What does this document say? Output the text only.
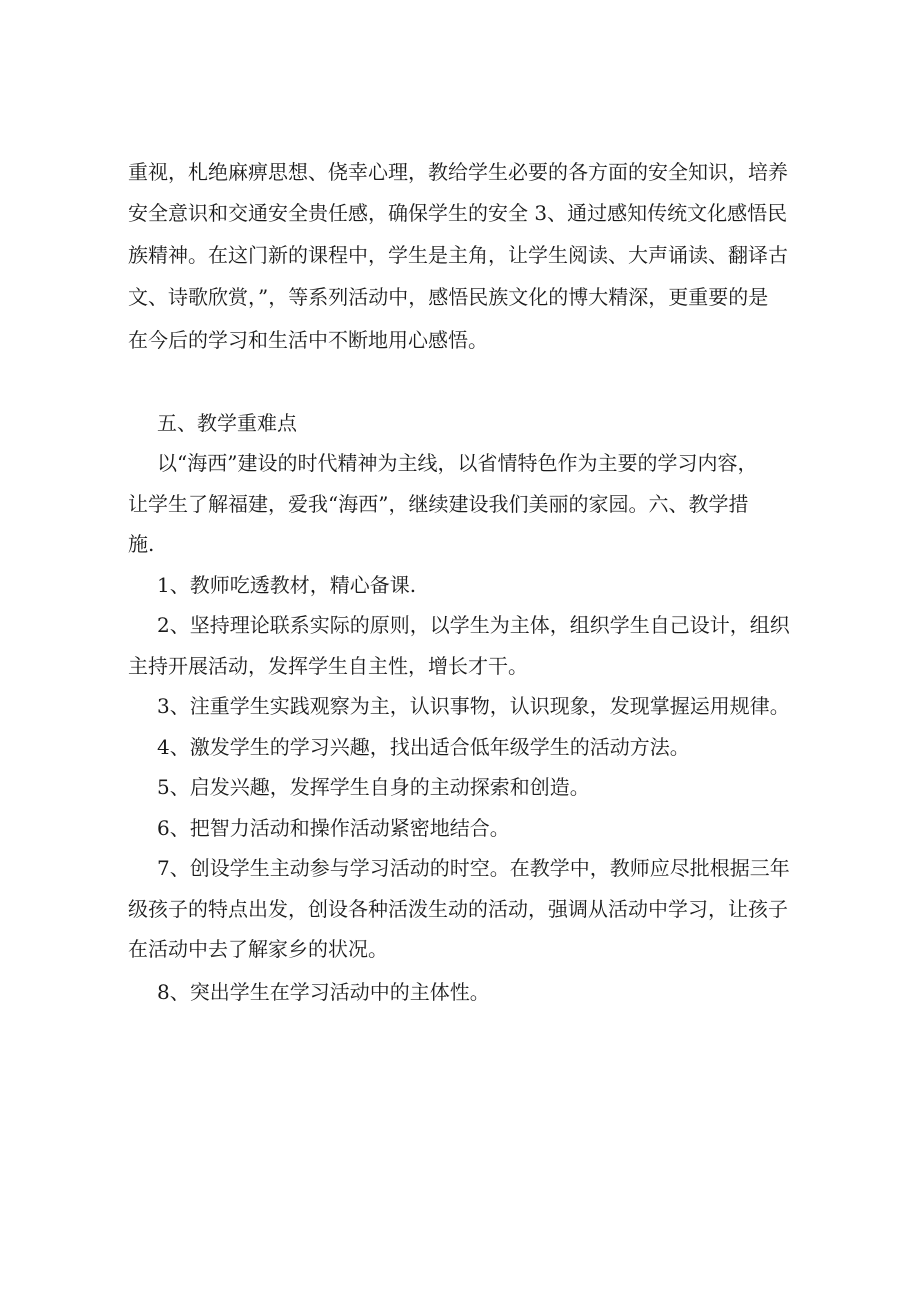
重视，札绝麻痹思想、侥幸心理，教给学生必要的各方面的安全知识，培养
安全意识和交通安全贵任感，确保学生的安全 3、通过感知传统文化感悟民
族精神。在这门新的课程中，学生是主角，让学生阅读、大声诵读、翻译古
文、诗歌欣赏，”，等系列活动中，感悟民族文化的博大精深，更重要的是
在今后的学习和生活中不断地用心感悟。
五、教学重难点
以“海西”建设的时代精神为主线，以省情特色作为主要的学习内容，
让学生了解福建，爱我“海西”，继续建设我们美丽的家园。六、教学措
施.
1、教师吃透教材，精心备课.
2、坚持理论联系实际的原则，以学生为主体，组织学生自己设计，组织
主持开展活动，发挥学生自主性，增长才干。
3、注重学生实践观察为主，认识事物，认识现象，发现掌握运用规律。
4、激发学生的学习兴趣，找出适合低年级学生的活动方法。
5、启发兴趣，发挥学生自身的主动探索和创造。
6、把智力活动和操作活动紧密地结合。
7、创设学生主动参与学习活动的时空。在教学中，教师应尽批根据三年
级孩子的特点出发，创设各种活泼生动的活动，强调从活动中学习，让孩子
在活动中去了解家乡的状况。
8、突出学生在学习活动中的主体性。
